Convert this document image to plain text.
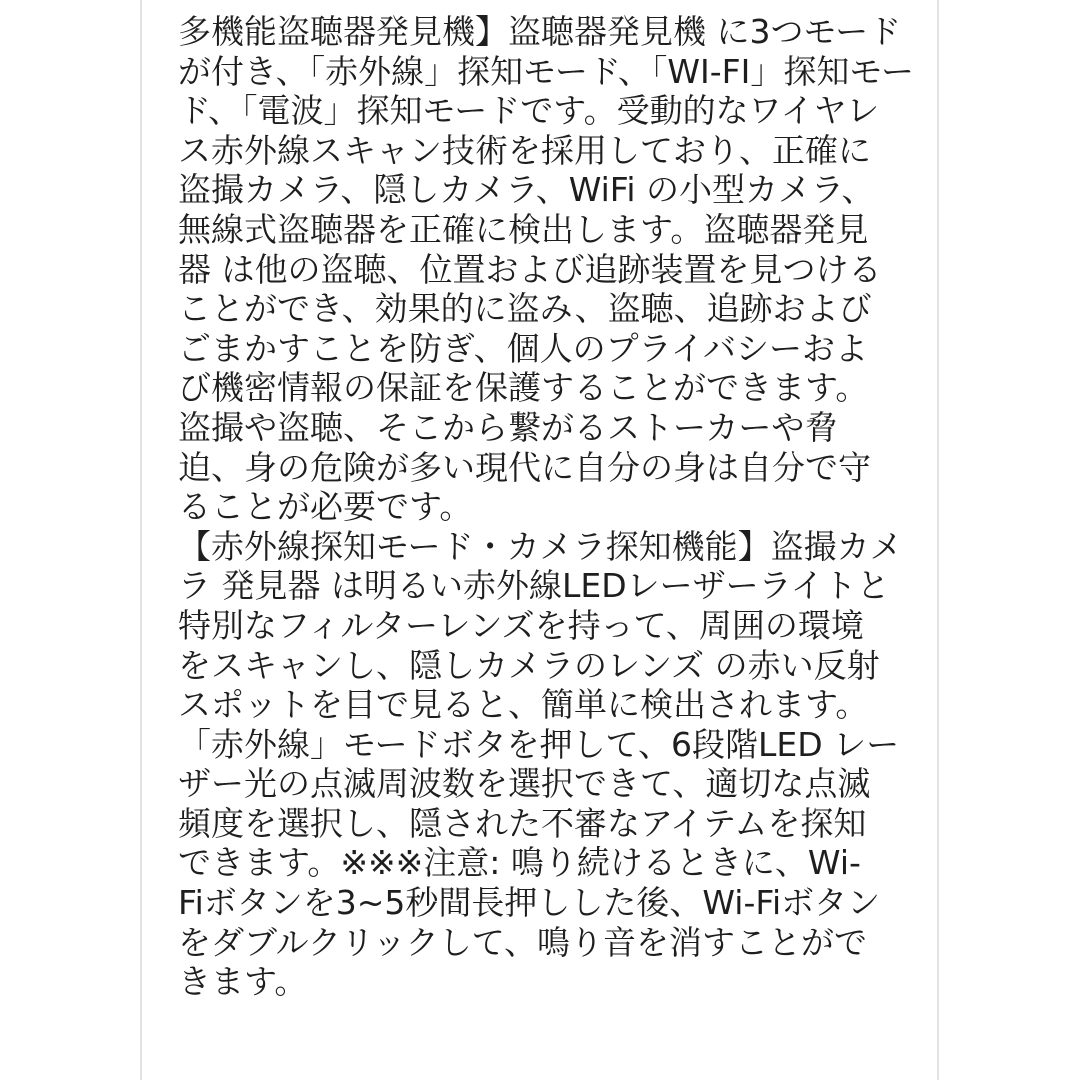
多機能盗聴器発見機】盗聴器発見機 に3つモード
が付き、「赤外線」探知モード、「WI-FI」探知モー
ド、「電波」探知モードです。受動的なワイヤレ
ス赤外線スキャン技術を採用しており、正確に
盗撮カメラ、隠しカメラ、WiFi の小型カメラ、
無線式盗聴器を正確に検出します。盗聴器発見
器 は他の盗聴、位置および追跡装置を見つける
ことができ、効果的に盗み、盗聴、追跡および
ごまかすことを防ぎ、個人のプライバシーおよ
び機密情報の保証を保護することができます。
盗撮や盗聴、そこから繋がるストーカーや脅
迫、身の危険が多い現代に自分の身は自分で守
ることが必要です。
【赤外線探知モード・カメラ探知機能】盗撮カメ
ラ 発見器 は明るい赤外線LEDレーザーライトと
特別なフィルターレンズを持って、周囲の環境
をスキャンし、隠しカメラのレンズ の赤い反射
スポットを目で見ると、簡単に検出されます。
「赤外線」モードボタを押して、6段階LED レー
ザー光の点滅周波数を選択できて、適切な点滅
頻度を選択し、隠された不審なアイテムを探知
できます。※※※注意: 鳴り続けるときに、Wi-
Fiボタンを3~5秒間長押しした後、Wi-Fiボタン
をダブルクリックして、鳴り音を消すことがで
きます。
